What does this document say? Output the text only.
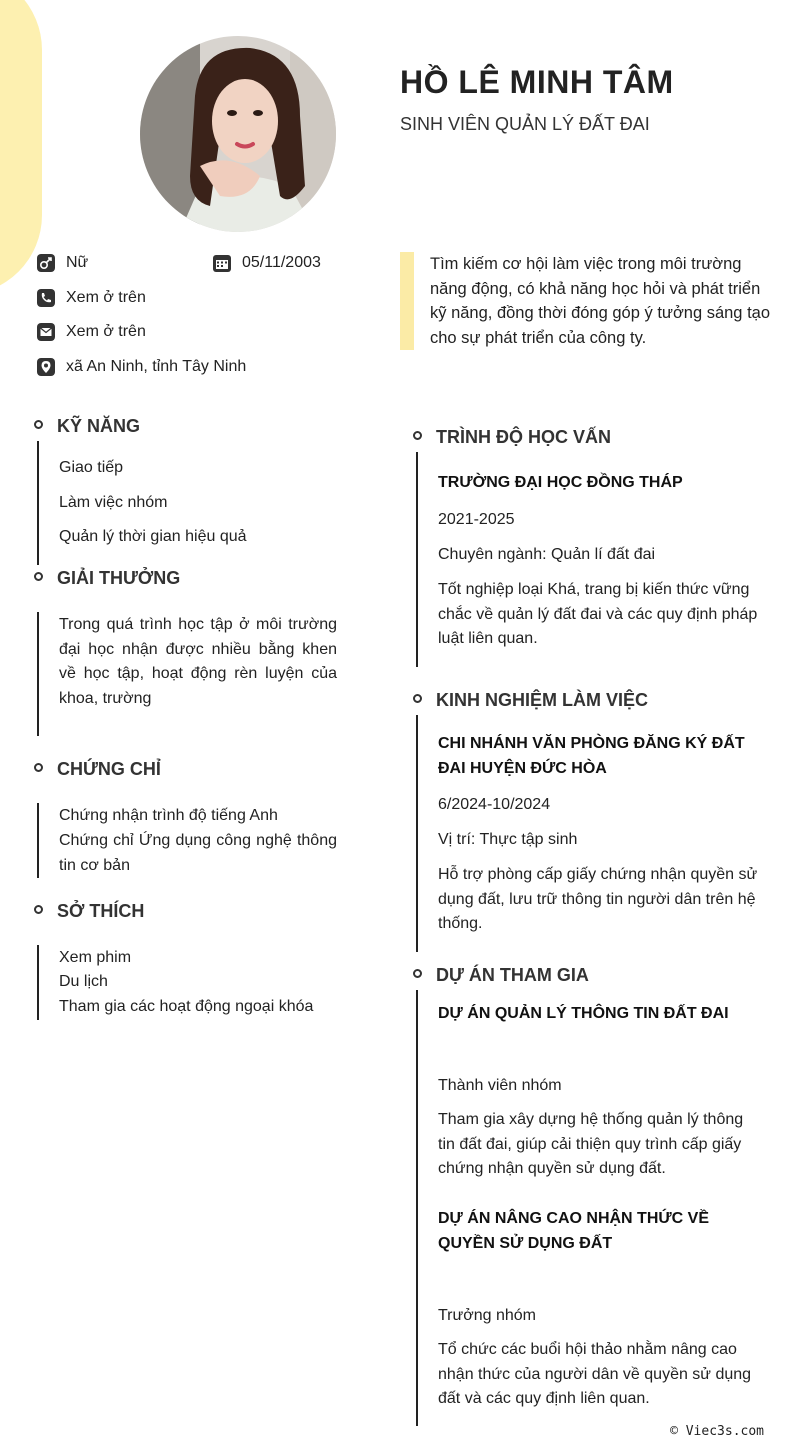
HỒ LÊ MINH TÂM
SINH VIÊN QUẢN LÝ ĐẤT ĐAI
Nữ	05/11/2003
Xem ở trên
Xem ở trên
xã An Ninh, tỉnh Tây Ninh
Tìm kiếm cơ hội làm việc trong môi trường năng động, có khả năng học hỏi và phát triển kỹ năng, đồng thời đóng góp ý tưởng sáng tạo cho sự phát triển của công ty.
KỸ NĂNG
Giao tiếp
Làm việc nhóm
Quản lý thời gian hiệu quả
GIẢI THƯỞNG
Trong quá trình học tập ở môi trường đại học nhận được nhiều bằng khen về học tập, hoạt động rèn luyện của khoa, trường
CHỨNG CHỈ
Chứng nhận trình độ tiếng Anh
Chứng chỉ Ứng dụng công nghệ thông tin cơ bản
SỞ THÍCH
Xem phim
Du lịch
Tham gia các hoạt động ngoại khóa
TRÌNH ĐỘ HỌC VẤN
TRƯỜNG ĐẠI HỌC ĐỒNG THÁP
2021-2025
Chuyên ngành: Quản lí đất đai
Tốt nghiệp loại Khá, trang bị kiến thức vững chắc về quản lý đất đai và các quy định pháp luật liên quan.
KINH NGHIỆM LÀM VIỆC
CHI NHÁNH VĂN PHÒNG ĐĂNG KÝ ĐẤT ĐAI HUYỆN ĐỨC HÒA
6/2024-10/2024
Vị trí: Thực tập sinh
Hỗ trợ phòng cấp giấy chứng nhận quyền sử dụng đất, lưu trữ thông tin người dân trên hệ thống.
DỰ ÁN THAM GIA
DỰ ÁN QUẢN LÝ THÔNG TIN ĐẤT ĐAI
Thành viên nhóm
Tham gia xây dựng hệ thống quản lý thông tin đất đai, giúp cải thiện quy trình cấp giấy chứng nhận quyền sử dụng đất.
DỰ ÁN NÂNG CAO NHẬN THỨC VỀ QUYỀN SỬ DỤNG ĐẤT
Trưởng nhóm
Tổ chức các buổi hội thảo nhằm nâng cao nhận thức của người dân về quyền sử dụng đất và các quy định liên quan.
© Viec3s.com
